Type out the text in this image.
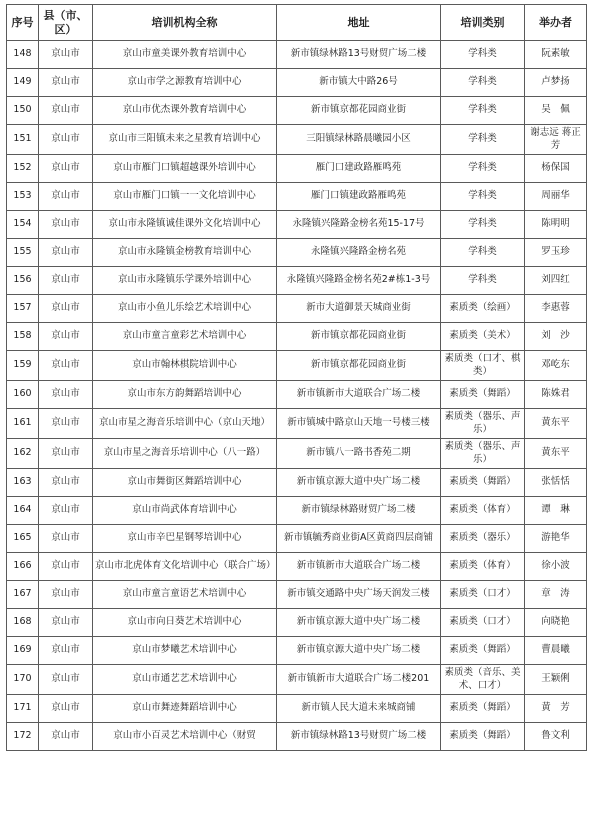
序号	县（市、区）	培训机构全称	地址	培训类别	举办者
148	京山市	京山市童美课外教育培训中心	新市镇绿林路13号财贸广场二楼	学科类	阮素敏
149	京山市	京山市学之源教育培训中心	新市镇大中路26号	学科类	卢梦扬
150	京山市	京山市优杰课外教育培训中心	新市镇京都花园商业街	学科类	吴　佩
151	京山市	京山市三阳镇未来之星教育培训中心	三阳镇绿林路晨曦园小区	学科类	谢志远 蒋正芳
152	京山市	京山市雁门口镇超越课外培训中心	雁门口建政路雁鸣苑	学科类	杨保国
153	京山市	京山市雁门口镇一一文化培训中心	雁门口镇建政路雁鸣苑	学科类	周丽华
154	京山市	京山市永隆镇诚佳课外文化培训中心	永隆镇兴隆路金榜名苑15-17号	学科类	陈明明
155	京山市	京山市永隆镇金榜教育培训中心	永隆镇兴隆路金榜名苑	学科类	罗玉珍
156	京山市	京山市永隆镇乐学课外培训中心	永隆镇兴隆路金榜名苑2#栋1-3号	学科类	刘四红
157	京山市	京山市小鱼儿乐绘艺术培训中心	新市大道御景天城商业街	素质类（绘画）	李惠蓉
158	京山市	京山市童言童彩艺术培训中心	新市镇京都花园商业街	素质类（美术）	刘　沙
159	京山市	京山市翰林棋院培训中心	新市镇京都花园商业街	素质类（口才、棋类）	邓屹东
160	京山市	京山市东方韵舞蹈培训中心	新市镇新市大道联合广场二楼	素质类（舞蹈）	陈姝君
161	京山市	京山市星之海音乐培训中心（京山天地）	新市镇城中路京山天地一号楼三楼	素质类（器乐、声乐）	黄东平
162	京山市	京山市星之海音乐培训中心（八一路）	新市镇八一路书香苑二期	素质类（器乐、声乐）	黄东平
163	京山市	京山市舞街区舞蹈培训中心	新市镇京源大道中央广场二楼	素质类（舞蹈）	张恬恬
164	京山市	京山市尚武体育培训中心	新市镇绿林路财贸广场二楼	素质类（体育）	谭　琳
165	京山市	京山市辛巴星钢琴培训中心	新市镇毓秀商业街A区黄商四层商铺	素质类（器乐）	游艳华
166	京山市	京山市北虎体育文化培训中心（联合广场）	新市镇新市大道联合广场二楼	素质类（体育）	徐小波
167	京山市	京山市童言童语艺术培训中心	新市镇交通路中央广场天润发三楼	素质类（口才）	章　涛
168	京山市	京山市向日葵艺术培训中心	新市镇京源大道中央广场二楼	素质类（口才）	向晓艳
169	京山市	京山市梦曦艺术培训中心	新市镇京源大道中央广场二楼	素质类（舞蹈）	曹晨曦
170	京山市	京山市通艺艺术培训中心	新市镇新市大道联合广场二楼201	素质类（音乐、美术、口才）	王颖俐
171	京山市	京山市舞迹舞蹈培训中心	新市镇人民大道未来城商铺	素质类（舞蹈）	黄　芳
172	京山市	京山市小百灵艺术培训中心（财贸	新市镇绿林路13号财贸广场二楼	素质类（舞蹈）	鲁文利
